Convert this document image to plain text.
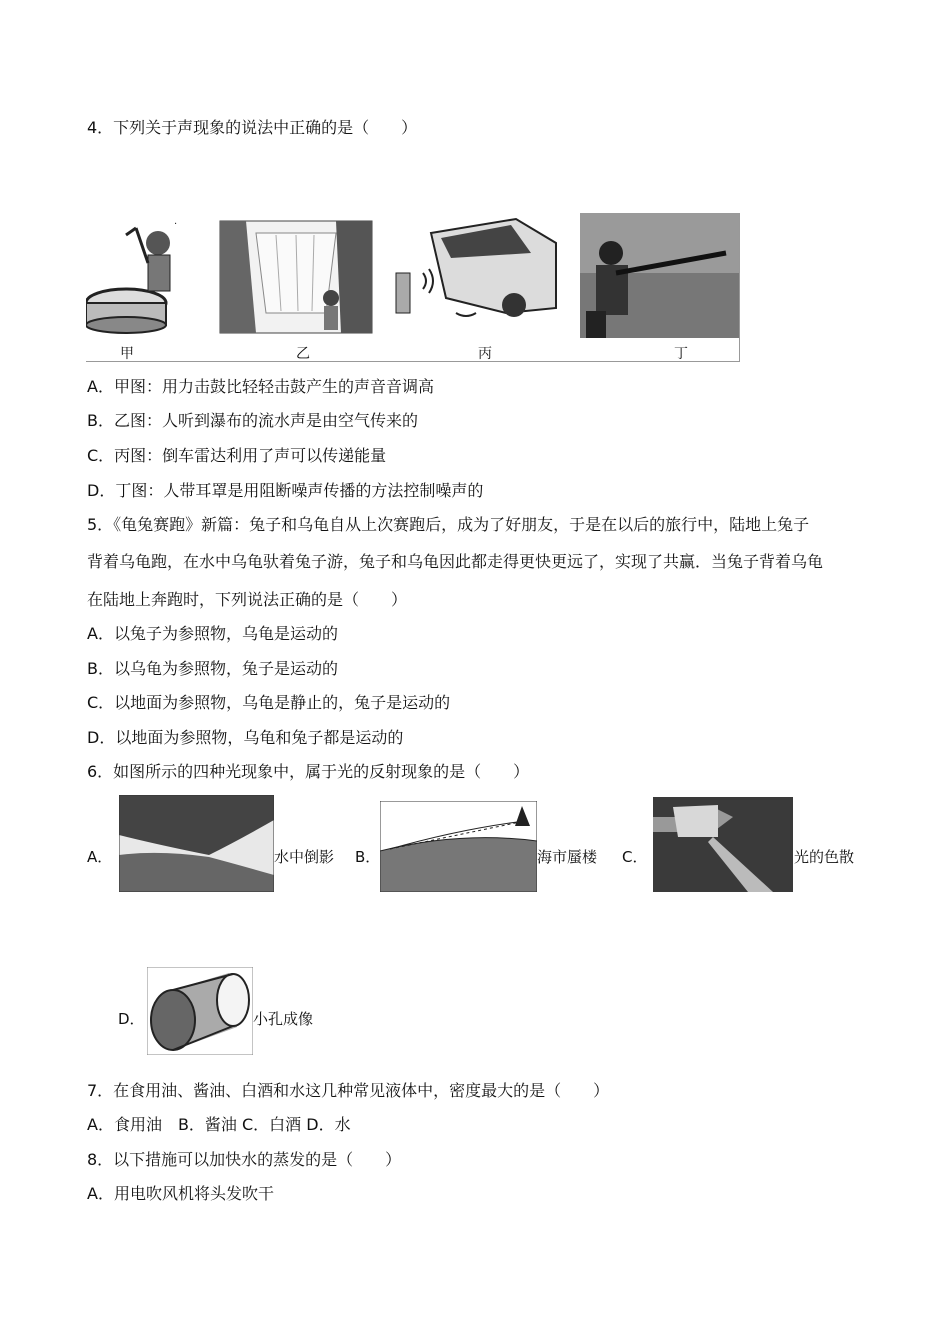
4．下列关于声现象的说法中正确的是（　　）
·
甲	乙	丙	丁
A．甲图：用力击鼓比轻轻击鼓产生的声音音调高
B．乙图：人听到瀑布的流水声是由空气传来的
C．丙图：倒车雷达利用了声可以传递能量
D．丁图：人带耳罩是用阻断噪声传播的方法控制噪声的
5．《龟兔赛跑》新篇：兔子和乌龟自从上次赛跑后，成为了好朋友，于是在以后的旅行中，陆地上兔子
背着乌龟跑，在水中乌龟驮着兔子游，兔子和乌龟因此都走得更快更远了，实现了共赢．当兔子背着乌龟
在陆地上奔跑时，下列说法正确的是（　　）
A．以兔子为参照物，乌龟是运动的
B．以乌龟为参照物，兔子是运动的
C．以地面为参照物，乌龟是静止的，兔子是运动的
D．以地面为参照物，乌龟和兔子都是运动的
6．如图所示的四种光现象中，属于光的反射现象的是（　　）
A．	水中倒影 B．	海市蜃楼 C．	光的色散
D．	小孔成像
7．在食用油、酱油、白酒和水这几种常见液体中，密度最大的是（　　）
A．食用油　B．酱油 C．白酒 D．水
8．以下措施可以加快水的蒸发的是（　　）
A．用电吹风机将头发吹干
